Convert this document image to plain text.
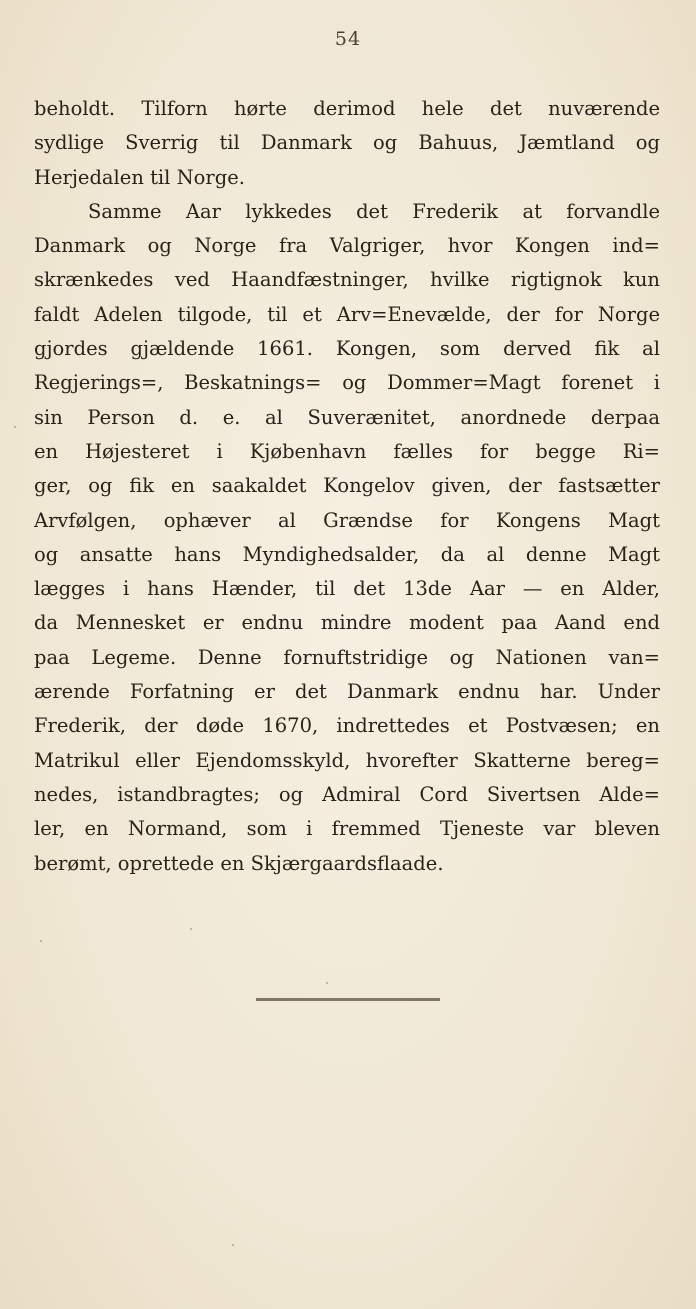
54
beholdt. Tilforn hørte derimod hele det nuværende
sydlige Sverrig til Danmark og Bahuus, Jæmtland og
Herjedalen til Norge.
Samme Aar lykkedes det Frederik at forvandle
Danmark og Norge fra Valgriger, hvor Kongen ind=
skrænkedes ved Haandfæstninger, hvilke rigtignok kun
faldt Adelen tilgode, til et Arv=Enevælde, der for Norge
gjordes gjældende 1661. Kongen, som derved fik al
Regjerings=, Beskatnings= og Dommer=Magt forenet i
sin Person d. e. al Suverænitet, anordnede derpaa
en Højesteret i Kjøbenhavn fælles for begge Ri=
ger, og fik en saakaldet Kongelov given, der fastsætter
Arvfølgen, ophæver al Grændse for Kongens Magt
og ansatte hans Myndighedsalder, da al denne Magt
lægges i hans Hænder, til det 13de Aar — en Alder,
da Mennesket er endnu mindre modent paa Aand end
paa Legeme. Denne fornuftstridige og Nationen van=
ærende Forfatning er det Danmark endnu har. Under
Frederik, der døde 1670, indrettedes et Postvæsen; en
Matrikul eller Ejendomsskyld, hvorefter Skatterne bereg=
nedes, istandbragtes; og Admiral Cord Sivertsen Alde=
ler, en Normand, som i fremmed Tjeneste var bleven
berømt, oprettede en Skjærgaardsflaade.
